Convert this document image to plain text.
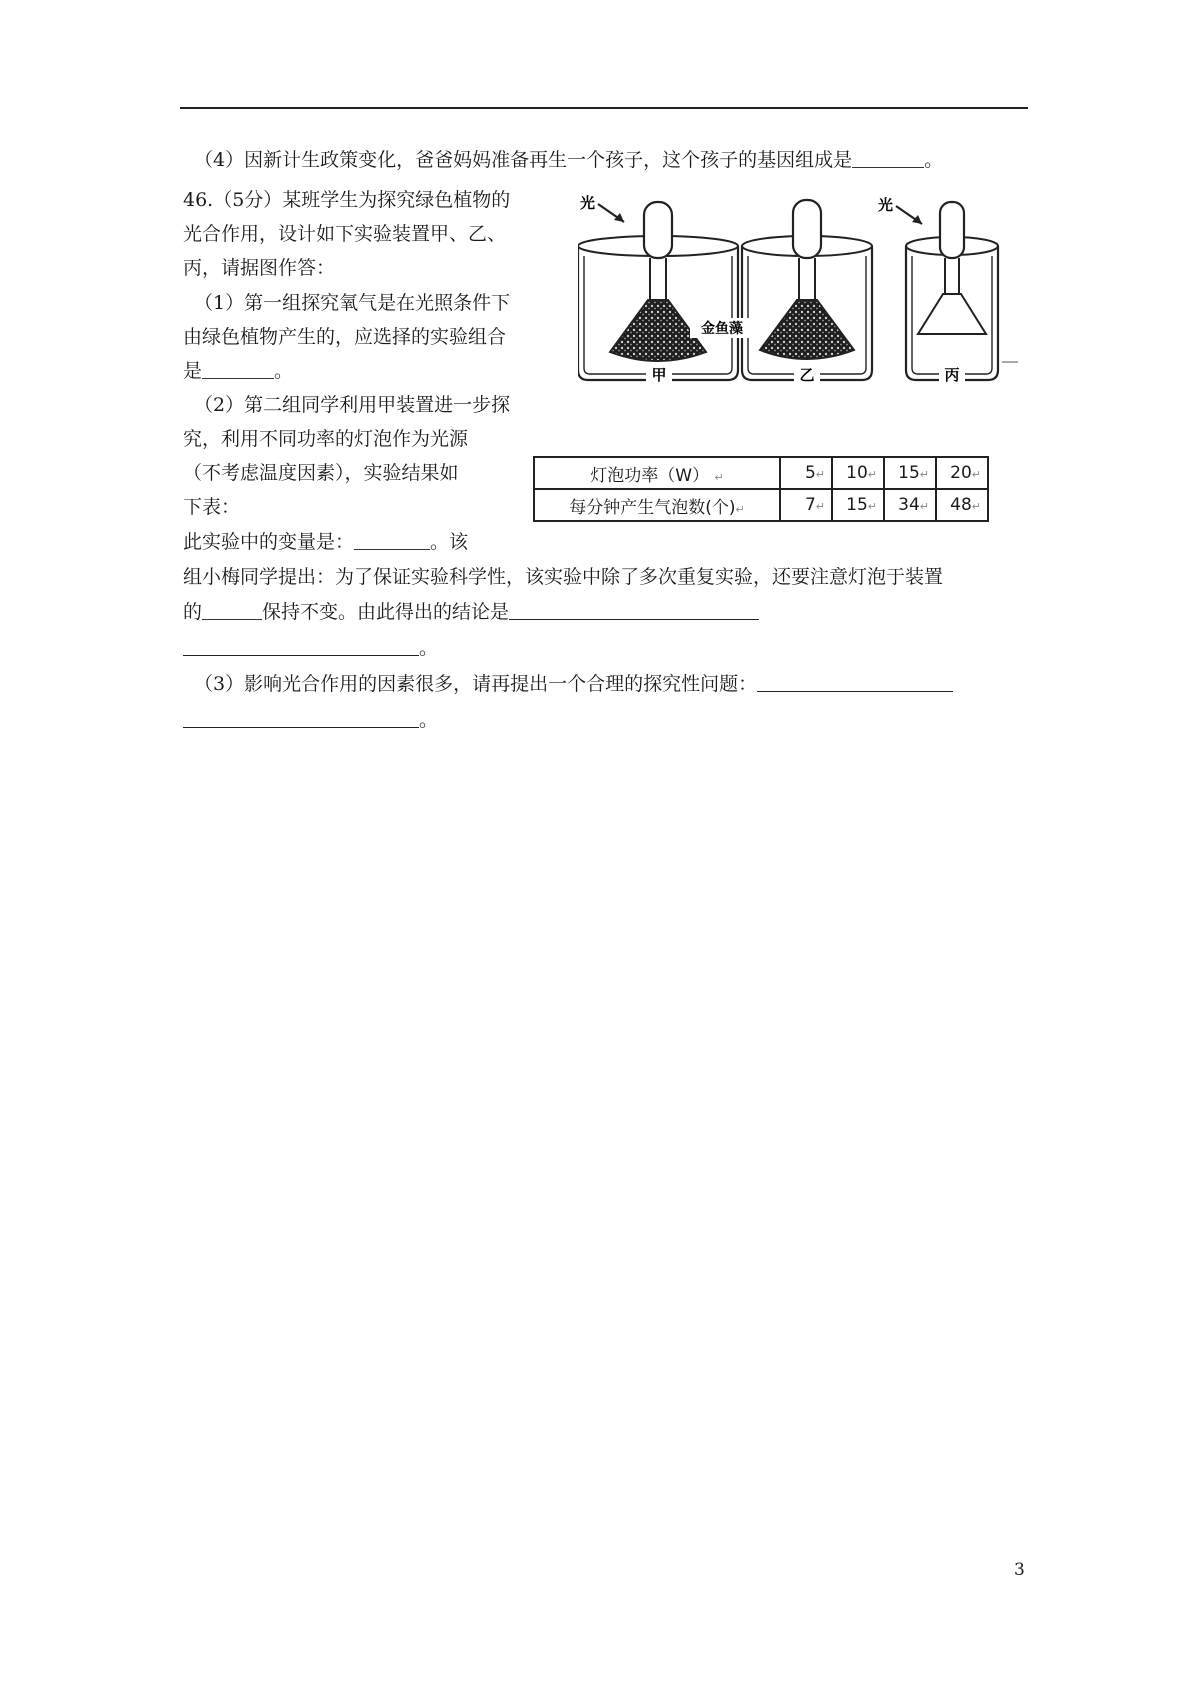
（4）因新计生政策变化，爸爸妈妈准备再生一个孩子，这个孩子的基因组成是	。
46.（5分）某班学生为探究绿色植物的
光合作用，设计如下实验装置甲、乙、
丙，请据图作答：
（1）第一组探究氧气是在光照条件下
由绿色植物产生的，应选择的实验组合
是	。
（2）第二组同学利用甲装置进一步探
究，利用不同功率的灯泡作为光源
（不考虑温度因素），实验结果如
下表：
此实验中的变量是：	。该
组小梅同学提出：为了保证实验科学性，该实验中除了多次重复实验，还要注意灯泡于装置
的	保持不变。由此得出的结论是
。
（3）影响光合作用的因素很多，请再提出一个合理的探究性问题：
。
光
金鱼藻
光
甲	乙	丙
灯泡功率（W） ↵	5↵	10↵	15↵	20↵
每分钟产生气泡数(个)↵	7↵	15↵	34↵	48↵
3
